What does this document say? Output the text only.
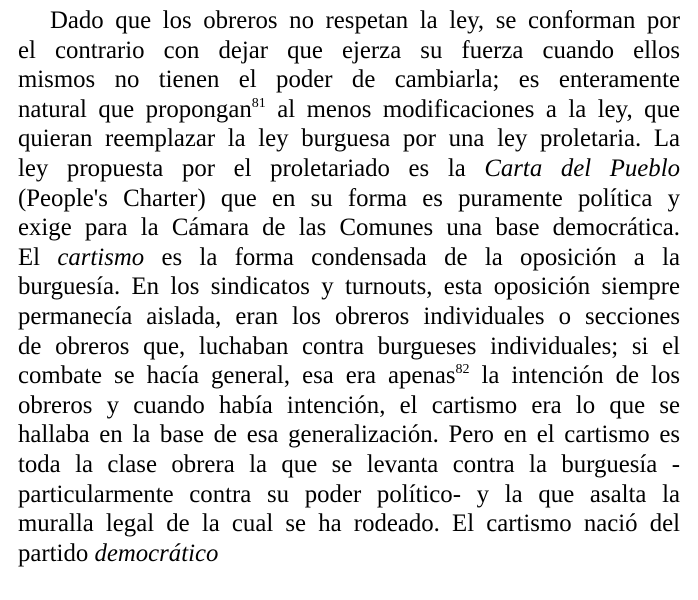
Dado que los obreros no respetan la ley, se conforman por
el contrario con dejar que ejerza su fuerza cuando ellos
mismos no tienen el poder de cambiarla; es enteramente
natural que propongan$^{81}$ al menos modificaciones a la ley, que
quieran reemplazar la ley burguesa por una ley proletaria. La
ley propuesta por el proletariado es la Carta del Pueblo
(People's Charter) que en su forma es puramente política y
exige para la Cámara de las Comunes una base democrática.
El cartismo es la forma condensada de la oposición a la
burguesía. En los sindicatos y turnouts, esta oposición siempre
permanecía aislada, eran los obreros individuales o secciones
de obreros que, luchaban contra burgueses individuales; si el
combate se hacía general, esa era apenas$^{82}$ la intención de los
obreros y cuando había intención, el cartismo era lo que se
hallaba en la base de esa generalización. Pero en el cartismo es
toda la clase obrera la que se levanta contra la burguesía -
particularmente contra su poder político- y la que asalta la
muralla legal de la cual se ha rodeado. El cartismo nació del
partido democrático
